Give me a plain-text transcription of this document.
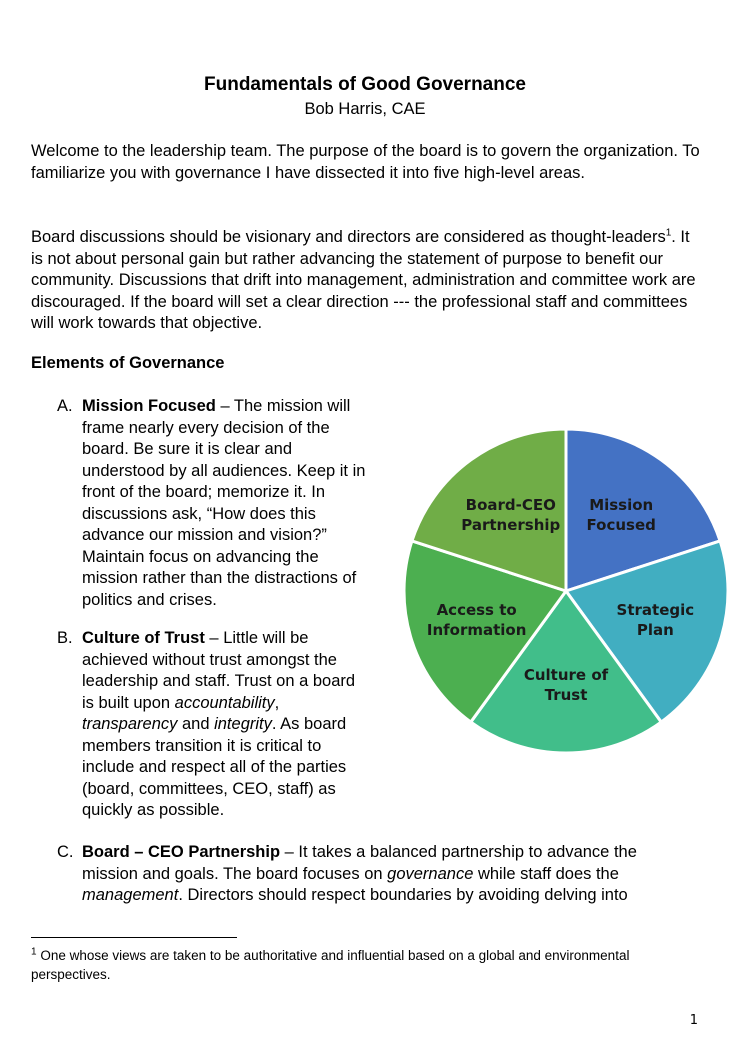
Fundamentals of Good Governance
Bob Harris, CAE

Welcome to the leadership team. The purpose of the board is to govern the organization. To familiarize you with governance I have dissected it into five high-level areas.

Board discussions should be visionary and directors are considered as thought-leaders$^1$. It is not about personal gain but rather advancing the statement of purpose to benefit our community. Discussions that drift into management, administration and committee work are discouraged. If the board will set a clear direction --- the professional staff and committees will work towards that objective.

Elements of Governance
A. Mission Focused – The mission will frame nearly every decision of the board. Be sure it is clear and understood by all audiences. Keep it in front of the board; memorize it. In discussions ask, “How does this advance our mission and vision?” Maintain focus on advancing the mission rather than the distractions of politics and crises.

B. Culture of Trust – Little will be achieved without trust amongst the leadership and staff. Trust on a board is built upon accountability, transparency and integrity. As board members transition it is critical to include and respect all of the parties (board, committees, CEO, staff) as quickly as possible.

C. Board – CEO Partnership – It takes a balanced partnership to advance the mission and goals. The board focuses on governance while staff does the management. Directors should respect boundaries by avoiding delving into

Mission Focused
Strategic Plan
Culture of Trust
Access to Information
Board-CEO Partnership

$^1$ One whose views are taken to be authoritative and influential based on a global and environmental perspectives.

1
